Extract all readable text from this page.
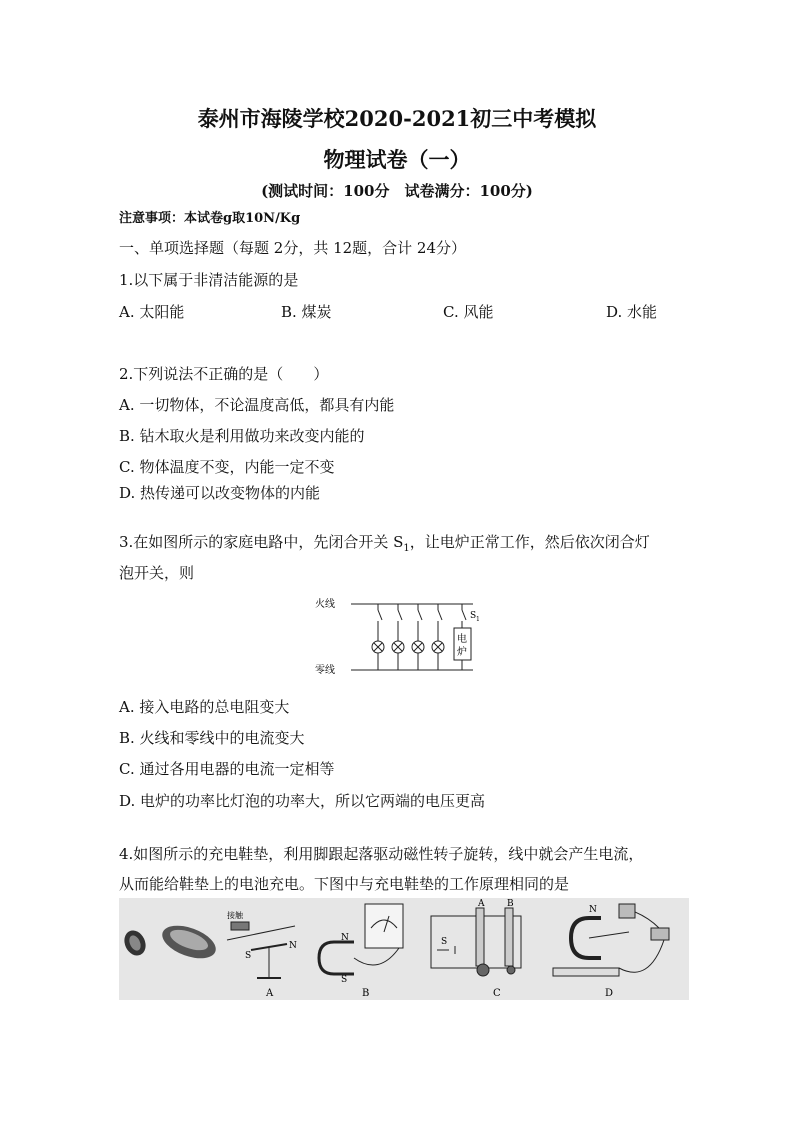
泰州市海陵学校2020-2021初三中考模拟
物理试卷（一）
(测试时间：100分　试卷满分：100分)
注意事项：本试卷g取10N/Kg
一、单项选择题（每题 2分，共 12题，合计 24分）
1.以下属于非清洁能源的是
A. 太阳能	B. 煤炭	C. 风能	D. 水能
2.下列说法不正确的是（　　）
A. 一切物体，不论温度高低，都具有内能
B. 钻木取火是利用做功来改变内能的
C. 物体温度不变，内能一定不变
D. 热传递可以改变物体的内能
3.在如图所示的家庭电路中，先闭合开关 $S_1$，让电炉正常工作，然后依次闭合灯
泡开关，则
火线
零线
S 1
电
炉
A. 接入电路的总电阻变大
B. 火线和零线中的电流变大
C. 通过各用电器的电流一定相等
D. 电炉的功率比灯泡的功率大，所以它两端的电压更高
4.如图所示的充电鞋垫，利用脚跟起落驱动磁性转子旋转，线中就会产生电流，
从而能给鞋垫上的电池充电。下图中与充电鞋垫的工作原理相同的是
接触
S
N
A
N
S
B
A	B
S
C
N
D
